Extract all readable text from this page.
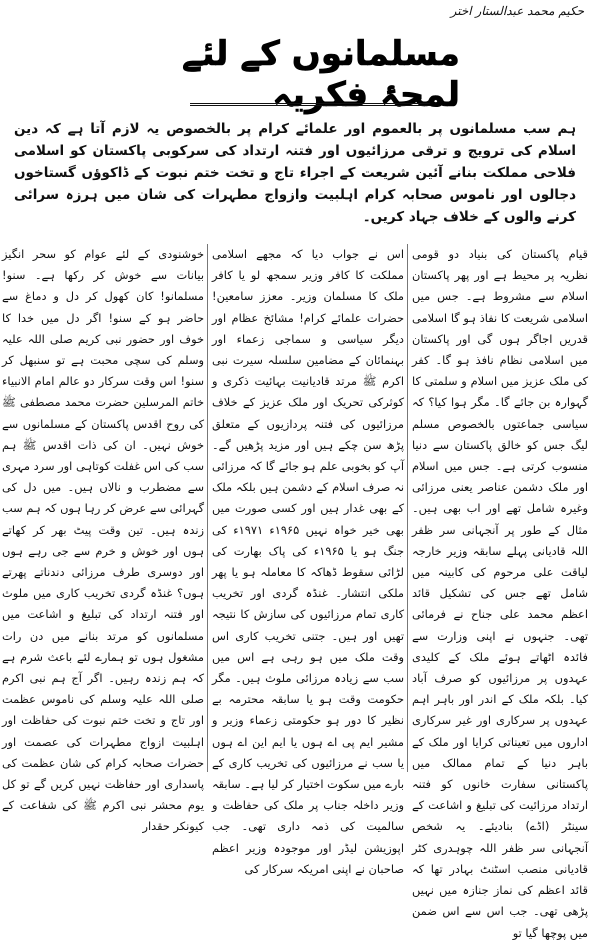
حکیم محمد عبدالستار اختر
مسلمانوں کے لئے لمحۂ فکریہ
ہم سب مسلمانوں پر بالعموم اور علمائے کرام پر بالخصوص یہ لازم آتا ہے کہ دین اسلام کی ترویج و ترقی مرزائیوں اور فتنہ ارتداد کی سرکوبی پاکستان کو اسلامی فلاحی مملکت بنانے آئین شریعت کے اجراء تاج و تخت ختم نبوت کے ڈاکوؤں گستاخوں دجالوں اور ناموس صحابہ کرام اہلبیت وازواج مطہرات کی شان میں ہرزہ سرائی کرنے والوں کے خلاف جہاد کریں۔

قیام پاکستان کی بنیاد دو قومی نظریہ پر محیط ہے اور پھر پاکستان اسلام سے مشروط ہے۔ جس میں اسلامی شریعت کا نفاذ ہو گا اسلامی قدریں اجاگر ہوں گی اور پاکستان میں اسلامی نظام نافذ ہو گا۔ کفر کی ملک عزیز میں اسلام و سلمتی کا گہوارہ بن جائے گا۔ مگر ہوا کیا؟ کہ سیاسی جماعتوں بالخصوص مسلم لیگ جس کو خالق پاکستان سے دنیا منسوب کرتی ہے۔ جس میں اسلام اور ملک دشمن عناصر یعنی مرزائی وغیرہ شامل تھے اور اب بھی ہیں۔ مثال کے طور پر آنجہانی سر ظفر اللہ قادیانی پہلے سابقہ وزیر خارجہ لیاقت علی مرحوم کی کابینہ میں شامل تھے جس کی تشکیل قائد اعظم محمد علی جناح نے فرمائی تھی۔ جنہوں نے اپنی وزارت سے فائدہ اٹھاتے ہوئے ملک کے کلیدی عہدوں پر مرزائیوں کو صرف آباد کیا۔ بلکہ ملک کے اندر اور باہر اہم عہدوں پر سرکاری اور غیر سرکاری اداروں میں تعیناتی کرایا اور ملک کے باہر دنیا کے تمام ممالک میں پاکستانی سفارت خانوں کو فتنہ ارتداد مرزائیت کی تبلیغ و اشاعت کے سینٹر (اڈے) بنادیئے۔ یہ شخص آنجہانی سر ظفر اللہ چوہدری کٹر قادیانی منصب اسٹنٹ بہادر تھا کہ قائد اعظم کی نماز جنازہ میں نہیں پڑھی تھی۔ جب اس سے اس ضمن میں پوچھا گیا تو

اس نے جواب دیا کہ مجھے اسلامی مملکت کا کافر وزیر سمجھ لو یا کافر ملک کا مسلمان وزیر۔ معزز سامعین! حضرات علمائے کرام! مشائخ عظام اور دیگر سیاسی و سماجی زعماء اور بہنمائان کے مضامین سلسلہ سیرت نبی اکرم ﷺ مرتد قادیانیت بہائیت ذکری و کوثرکی تحریک اور ملک عزیز کے خلاف مرزائیوں کی فتنہ پردازیوں کے متعلق پڑھ سن چکے ہیں اور مزید پڑھیں گے۔ آپ کو بخوبی علم ہو جائے گا کہ مرزائی نہ صرف اسلام کے دشمن ہیں بلکہ ملک کے بھی غدار ہیں اور کسی صورت میں بھی خیر خواہ نہیں ۱۹۶۵ء ۱۹۷۱ء کی جنگ ہو یا ۱۹۶۵ء کی پاک بھارت کی لڑائی سقوط ڈھاکہ کا معاملہ ہو یا پھر ملکی انتشار۔ غنڈہ گردی اور تخریب کاری تمام مرزائیوں کی سازش کا نتیجہ تھیں اور ہیں۔ جتنی تخریب کاری اس وقت ملک میں ہو رہی ہے اس میں سب سے زیادہ مرزائی ملوث ہیں۔ مگر حکومت وقت ہو یا سابقہ محترمہ بے نظیر کا دور ہو حکومتی زعماء وزیر و مشیر ایم پی اے ہوں یا ایم این اے ہوں یا سب نے مرزائیوں کی تخریب کاری کے بارے میں سکوت اختیار کر لیا ہے۔ سابقہ وزیر داخلہ جناب پر ملک کی حفاظت و سالمیت کی ذمہ داری تھی۔ جب اپوزیشن لیڈر اور موجودہ وزیر اعظم صاحبان نے اپنی امریکہ سرکار کی

خوشنودی کے لئے عوام کو سحر انگیز بیانات سے خوش کر رکھا ہے۔ سنو! مسلمانو! کان کھول کر دل و دماغ سے حاضر ہو کے سنو! اگر دل میں خدا کا خوف اور حضور نبی کریم صلی اللہ علیہ وسلم کی سچی محبت ہے تو سنبھل کر سنو! اس وقت سرکار دو عالم امام الانبیاء خاتم المرسلین حضرت محمد مصطفی ﷺ کی روح اقدس پاکستان کے مسلمانوں سے خوش نہیں۔ ان کی ذات اقدس ﷺ ہم سب کی اس غفلت کوتاہی اور سرد مہری سے مضطرب و نالاں ہیں۔ میں دل کی گہرائی سے عرض کر رہا ہوں کہ ہم سب زندہ ہیں۔ تین وقت پیٹ بھر کر کھاتے ہوں اور خوش و خرم سے جی رہے ہوں اور دوسری طرف مرزائی دندناتے پھرتے ہوں؟ غنڈہ گردی تخریب کاری میں ملوث اور فتنہ ارتداد کی تبلیغ و اشاعت میں مسلمانوں کو مرتد بنانے میں دن رات مشغول ہوں تو ہمارے لئے باعث شرم ہے کہ ہم زندہ رہیں۔ اگر آج ہم نبی اکرم صلی اللہ علیہ وسلم کی ناموس عظمت اور تاج و تخت ختم نبوت کی حفاظت اور اہلبیت ازواج مطہرات کی عصمت اور حضرات صحابہ کرام کی شان عظمت کی پاسداری اور حفاظت نہیں کریں گے تو کل یوم محشر نبی اکرم ﷺ کی شفاعت کے کیونکر حقدار
